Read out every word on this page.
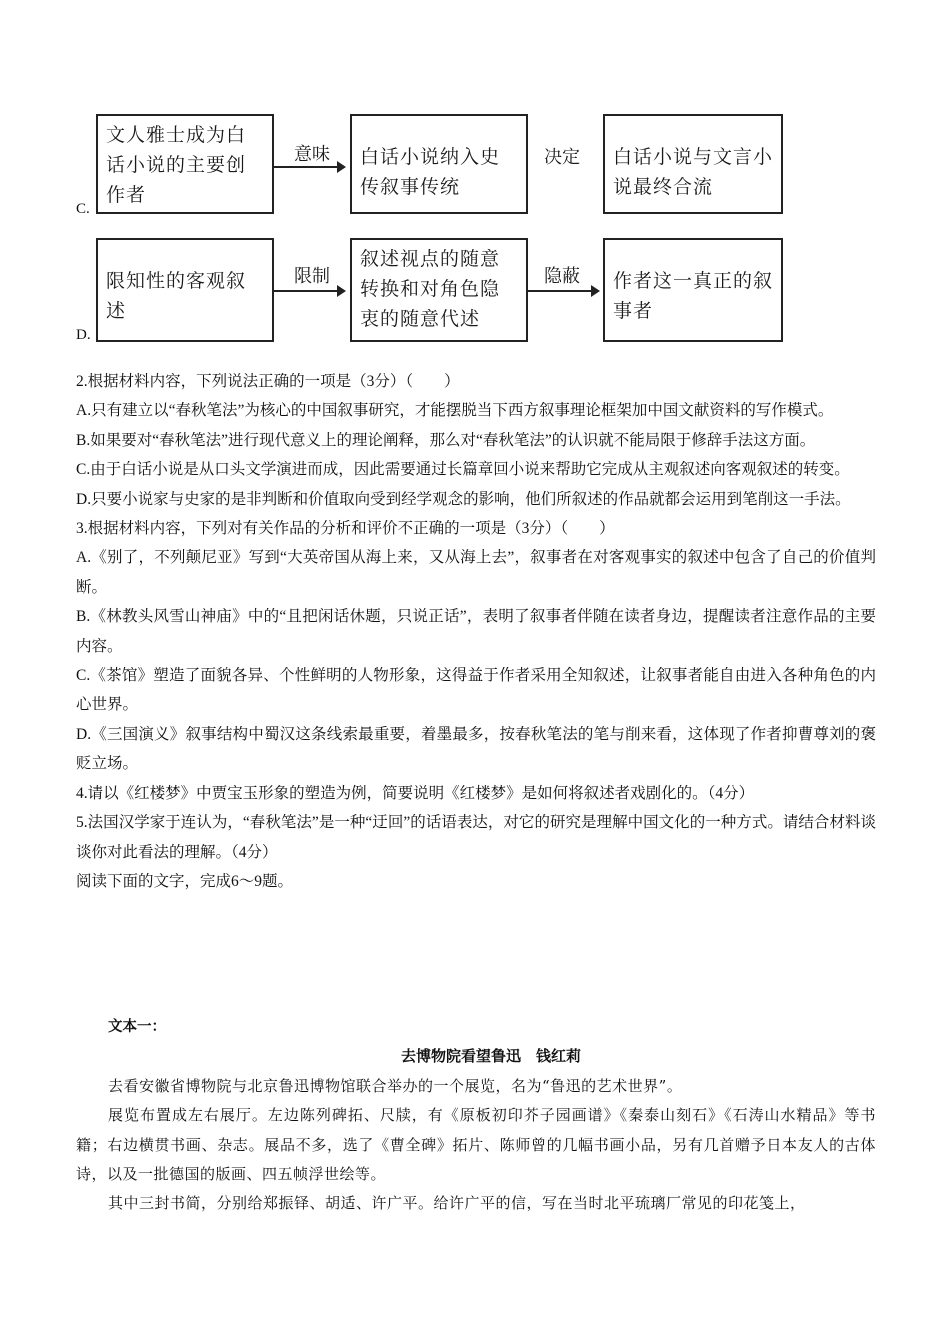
C.
文人雅士成为白话小说的主要创作者
意味	白话小说纳入史传叙事传统
决定	白话小说与文言小说最终合流
D.
限知性的客观叙述
限制
叙述视点的随意转换和对角色隐衷的随意代述
隐蔽	作者这一真正的叙事者

2.根据材料内容，下列说法正确的一项是（3分）（　　）

A.只有建立以“春秋笔法”为核心的中国叙事研究，才能摆脱当下西方叙事理论框架加中国文献资料的写作模式。

B.如果要对“春秋笔法”进行现代意义上的理论阐释，那么对“春秋笔法”的认识就不能局限于修辞手法这方面。

C.由于白话小说是从口头文学演进而成，因此需要通过长篇章回小说来帮助它完成从主观叙述向客观叙述的转变。

D.只要小说家与史家的是非判断和价值取向受到经学观念的影响，他们所叙述的作品就都会运用到笔削这一手法。

3.根据材料内容，下列对有关作品的分析和评价不正确的一项是（3分）（　　）

A.《别了，不列颠尼亚》写到“大英帝国从海上来，又从海上去”，叙事者在对客观事实的叙述中包含了自己的价值判断。

B.《林教头风雪山神庙》中的“且把闲话休题，只说正话”，表明了叙事者伴随在读者身边，提醒读者注意作品的主要内容。

C.《茶馆》塑造了面貌各异、个性鲜明的人物形象，这得益于作者采用全知叙述，让叙事者能自由进入各种角色的内心世界。

D.《三国演义》叙事结构中蜀汉这条线索最重要，着墨最多，按春秋笔法的笔与削来看，这体现了作者抑曹尊刘的褒贬立场。

4.请以《红楼梦》中贾宝玉形象的塑造为例，简要说明《红楼梦》是如何将叙述者戏剧化的。（4分）

5.法国汉学家于连认为，“春秋笔法”是一种“迂回”的话语表达，对它的研究是理解中国文化的一种方式。请结合材料谈谈你对此看法的理解。（4分）

阅读下面的文字，完成6～9题。

文本一：

去博物院看望鲁迅　钱红莉

去看安徽省博物院与北京鲁迅博物馆联合举办的一个展览，名为“鲁迅的艺术世界”。

展览布置成左右展厅。左边陈列碑拓、尺牍，有《原板初印芥子园画谱》《秦泰山刻石》《石涛山水精品》等书籍；右边横贯书画、杂志。展品不多，选了《曹全碑》拓片、陈师曾的几幅书画小品，另有几首赠予日本友人的古体诗，以及一批德国的版画、四五帧浮世绘等。

其中三封书简，分别给郑振铎、胡适、许广平。给许广平的信，写在当时北平琉璃厂常见的印花笺上，
